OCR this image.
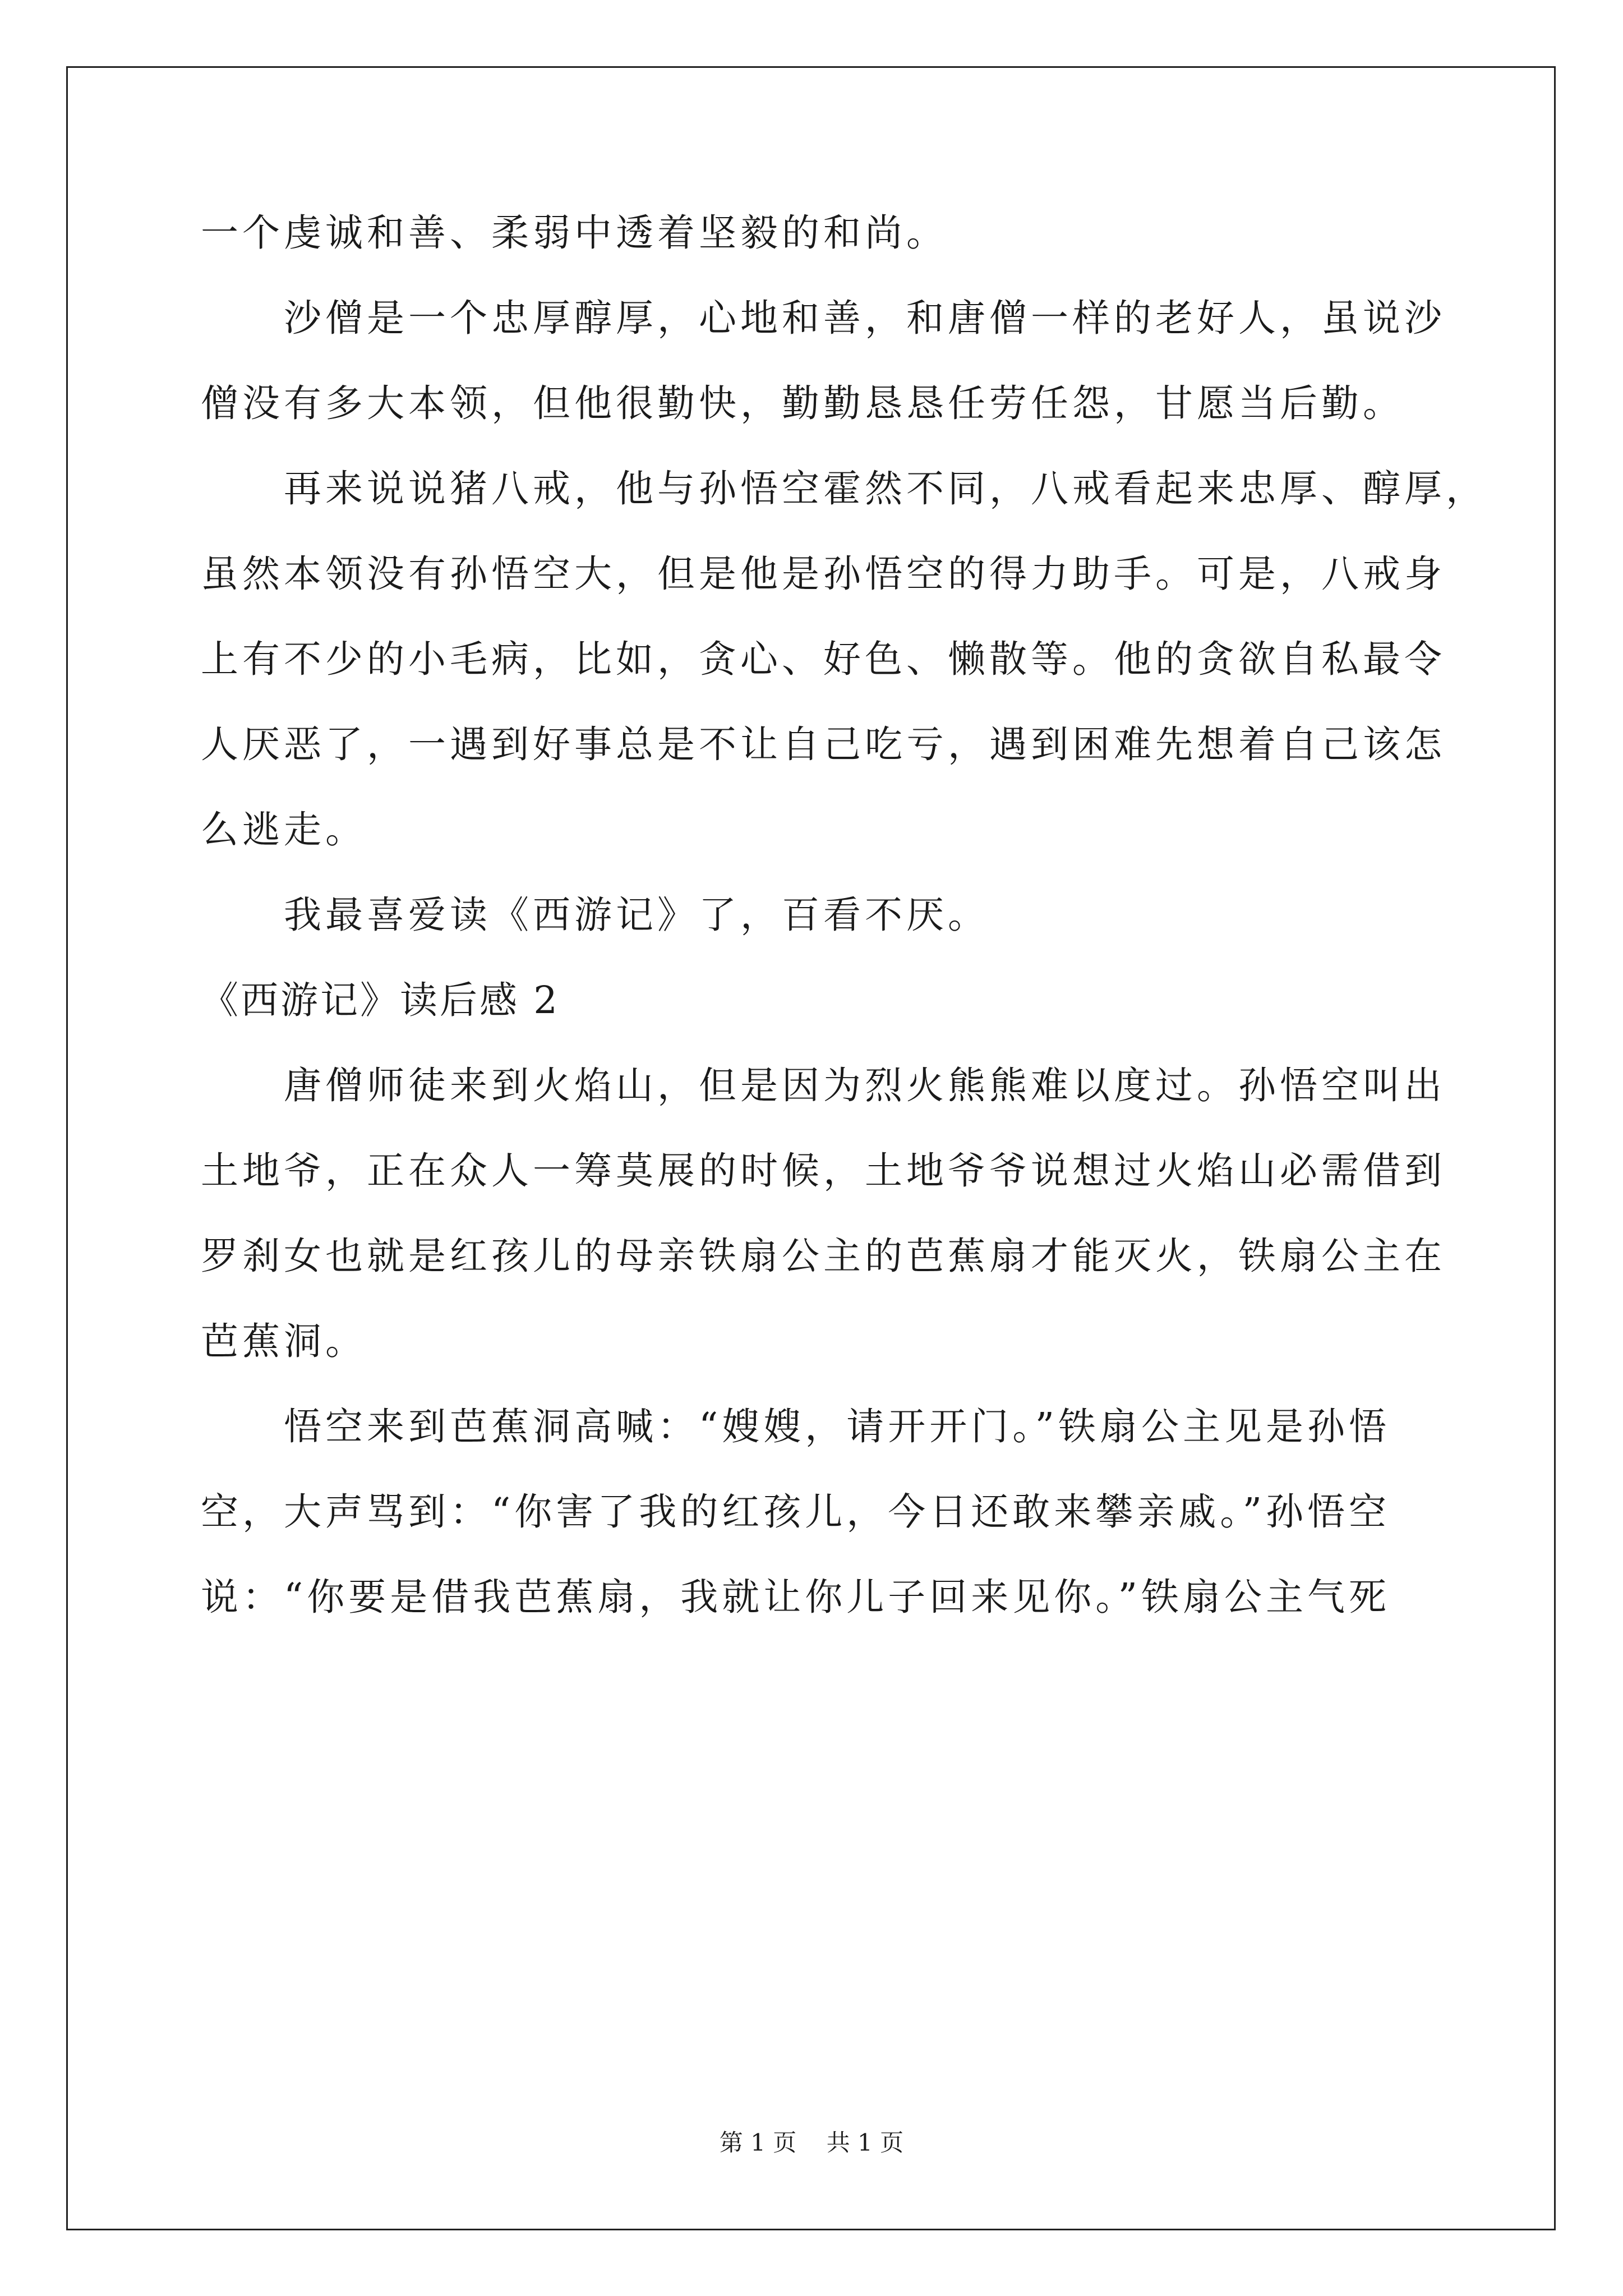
一个虔诚和善、柔弱中透着坚毅的和尚。
沙僧是一个忠厚醇厚，心地和善，和唐僧一样的老好人，虽说沙
僧没有多大本领，但他很勤快，勤勤恳恳任劳任怨，甘愿当后勤。
再来说说猪八戒，他与孙悟空霍然不同，八戒看起来忠厚、醇厚，
虽然本领没有孙悟空大，但是他是孙悟空的得力助手。可是，八戒身
上有不少的小毛病，比如，贪心、好色、懒散等。他的贪欲自私最令
人厌恶了，一遇到好事总是不让自己吃亏，遇到困难先想着自己该怎
么逃走。
我最喜爱读《西游记》了，百看不厌。
《西游记》读后感 2
唐僧师徒来到火焰山，但是因为烈火熊熊难以度过。孙悟空叫出
土地爷，正在众人一筹莫展的时候，土地爷爷说想过火焰山必需借到
罗刹女也就是红孩儿的母亲铁扇公主的芭蕉扇才能灭火，铁扇公主在
芭蕉洞。
悟空来到芭蕉洞高喊：“嫂嫂，请开开门。”铁扇公主见是孙悟
空，大声骂到：“你害了我的红孩儿，今日还敢来攀亲戚。”孙悟空
说：“你要是借我芭蕉扇，我就让你儿子回来见你。”铁扇公主气死
第 1 页    共 1 页
